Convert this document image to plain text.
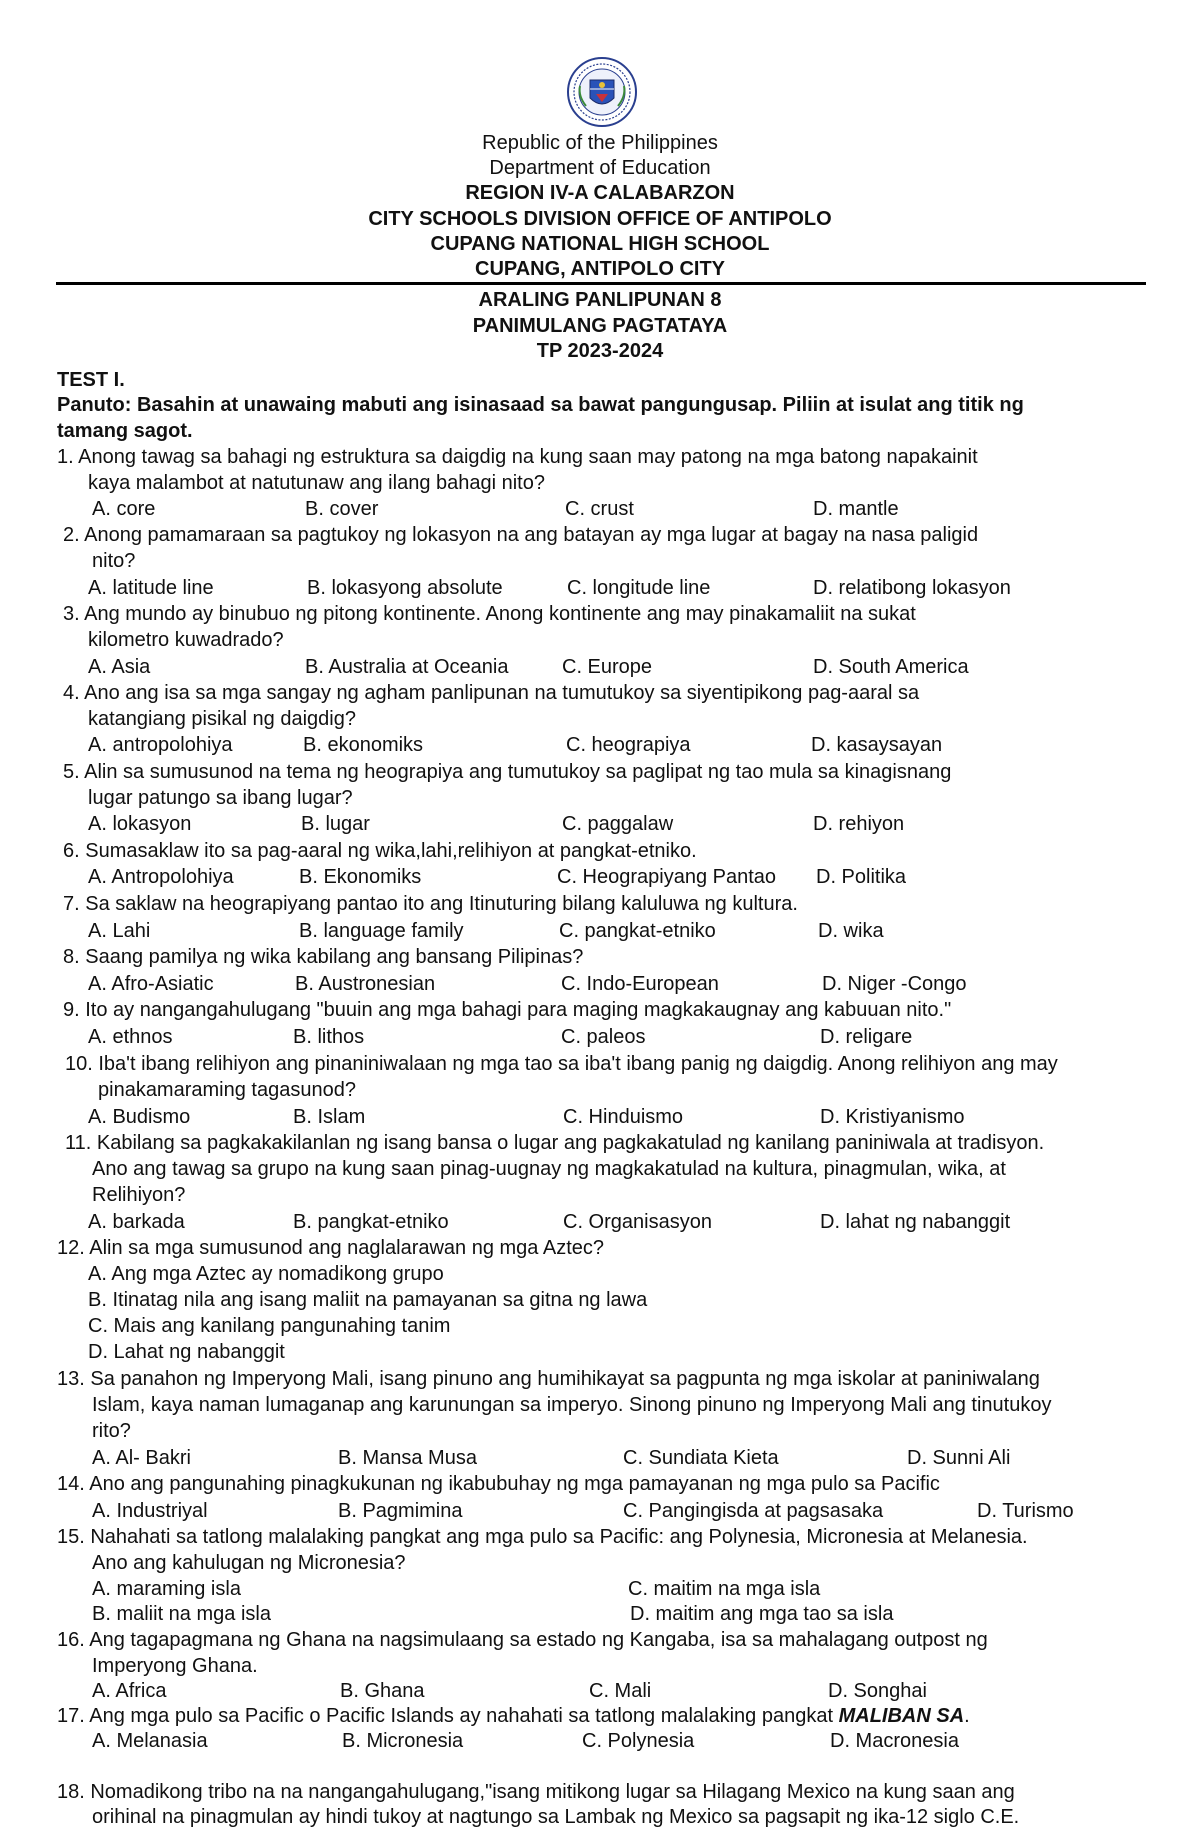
Republic of the Philippines
Department of Education
REGION IV-A CALABARZON
CITY SCHOOLS DIVISION OFFICE OF ANTIPOLO
CUPANG NATIONAL HIGH SCHOOL
CUPANG, ANTIPOLO CITY
ARALING PANLIPUNAN 8
PANIMULANG PAGTATAYA
TP 2023-2024
TEST I.
Panuto: Basahin at unawaing mabuti ang isinasaad sa bawat pangungusap. Piliin at isulat ang titik ng
tamang sagot.
1. Anong tawag sa bahagi ng estruktura sa daigdig na kung saan may patong na mga batong napakainit
kaya malambot at natutunaw ang ilang bahagi nito?
A. core	B. cover	C. crust	D. mantle
2. Anong pamamaraan sa pagtukoy ng lokasyon na ang batayan ay mga lugar at bagay na nasa paligid
nito?
A. latitude line	B. lokasyong absolute	C. longitude line	D. relatibong lokasyon
3. Ang mundo ay binubuo ng pitong kontinente. Anong kontinente ang may pinakamaliit na sukat
kilometro kuwadrado?
A. Asia	B. Australia at Oceania	C. Europe	D. South America
4. Ano ang isa sa mga sangay ng agham panlipunan na tumutukoy sa siyentipikong pag-aaral sa
katangiang pisikal ng daigdig?
A. antropolohiya	B. ekonomiks	C. heograpiya	D. kasaysayan
5. Alin sa sumusunod na tema ng heograpiya ang tumutukoy sa paglipat ng tao mula sa kinagisnang
lugar patungo sa ibang lugar?
A. lokasyon	B. lugar	C. paggalaw	D. rehiyon
6. Sumasaklaw ito sa pag-aaral ng wika,lahi,relihiyon at pangkat-etniko.
A. Antropolohiya	B. Ekonomiks	C. Heograpiyang Pantao D. Politika
7. Sa saklaw na heograpiyang pantao ito ang Itinuturing bilang kaluluwa ng kultura.
A. Lahi	B. language family	C. pangkat-etniko	D. wika
8. Saang pamilya ng wika kabilang ang bansang Pilipinas?
A. Afro-Asiatic	B. Austronesian	C. Indo-European	D. Niger -Congo
9. Ito ay nangangahulugang "buuin ang mga bahagi para maging magkakaugnay ang kabuuan nito."
A. ethnos	B. lithos	C. paleos	D. religare
10. Iba't ibang relihiyon ang pinaniniwalaan ng mga tao sa iba't ibang panig ng daigdig. Anong relihiyon ang may
pinakamaraming tagasunod?
A. Budismo	B. Islam	C. Hinduismo	D. Kristiyanismo
11. Kabilang sa pagkakakilanlan ng isang bansa o lugar ang pagkakatulad ng kanilang paniniwala at tradisyon.
Ano ang tawag sa grupo na kung saan pinag-uugnay ng magkakatulad na kultura, pinagmulan, wika, at
Relihiyon?
A. barkada	B. pangkat-etniko	C. Organisasyon	D. lahat ng nabanggit
12. Alin sa mga sumusunod ang naglalarawan ng mga Aztec?
A. Ang mga Aztec ay nomadikong grupo
B. Itinatag nila ang isang maliit na pamayanan sa gitna ng lawa
C. Mais ang kanilang pangunahing tanim
D. Lahat ng nabanggit
13. Sa panahon ng Imperyong Mali, isang pinuno ang humihikayat sa pagpunta ng mga iskolar at paniniwalang
Islam, kaya naman lumaganap ang karunungan sa imperyo. Sinong pinuno ng Imperyong Mali ang tinutukoy
rito?
A. Al- Bakri	B. Mansa Musa	C. Sundiata Kieta	D. Sunni Ali
14. Ano ang pangunahing pinagkukunan ng ikabubuhay ng mga pamayanan ng mga pulo sa Pacific
A. Industriyal	B. Pagmimina	C. Pangingisda at pagsasaka	D. Turismo
15. Nahahati sa tatlong malalaking pangkat ang mga pulo sa Pacific: ang Polynesia, Micronesia at Melanesia.
Ano ang kahulugan ng Micronesia?
A. maraming isla	C. maitim na mga isla
B. maliit na mga isla	D. maitim ang mga tao sa isla
16. Ang tagapagmana ng Ghana na nagsimulaang sa estado ng Kangaba, isa sa mahalagang outpost ng
Imperyong Ghana.
A. Africa	B. Ghana	C. Mali	D. Songhai
17. Ang mga pulo sa Pacific o Pacific Islands ay nahahati sa tatlong malalaking pangkat MALIBAN SA.
A. Melanasia	B. Micronesia	C. Polynesia	D. Macronesia
18. Nomadikong tribo na na nangangahulugang,"isang mitikong lugar sa Hilagang Mexico na kung saan ang
orihinal na pinagmulan ay hindi tukoy at nagtungo sa Lambak ng Mexico sa pagsapit ng ika-12 siglo C.E.
